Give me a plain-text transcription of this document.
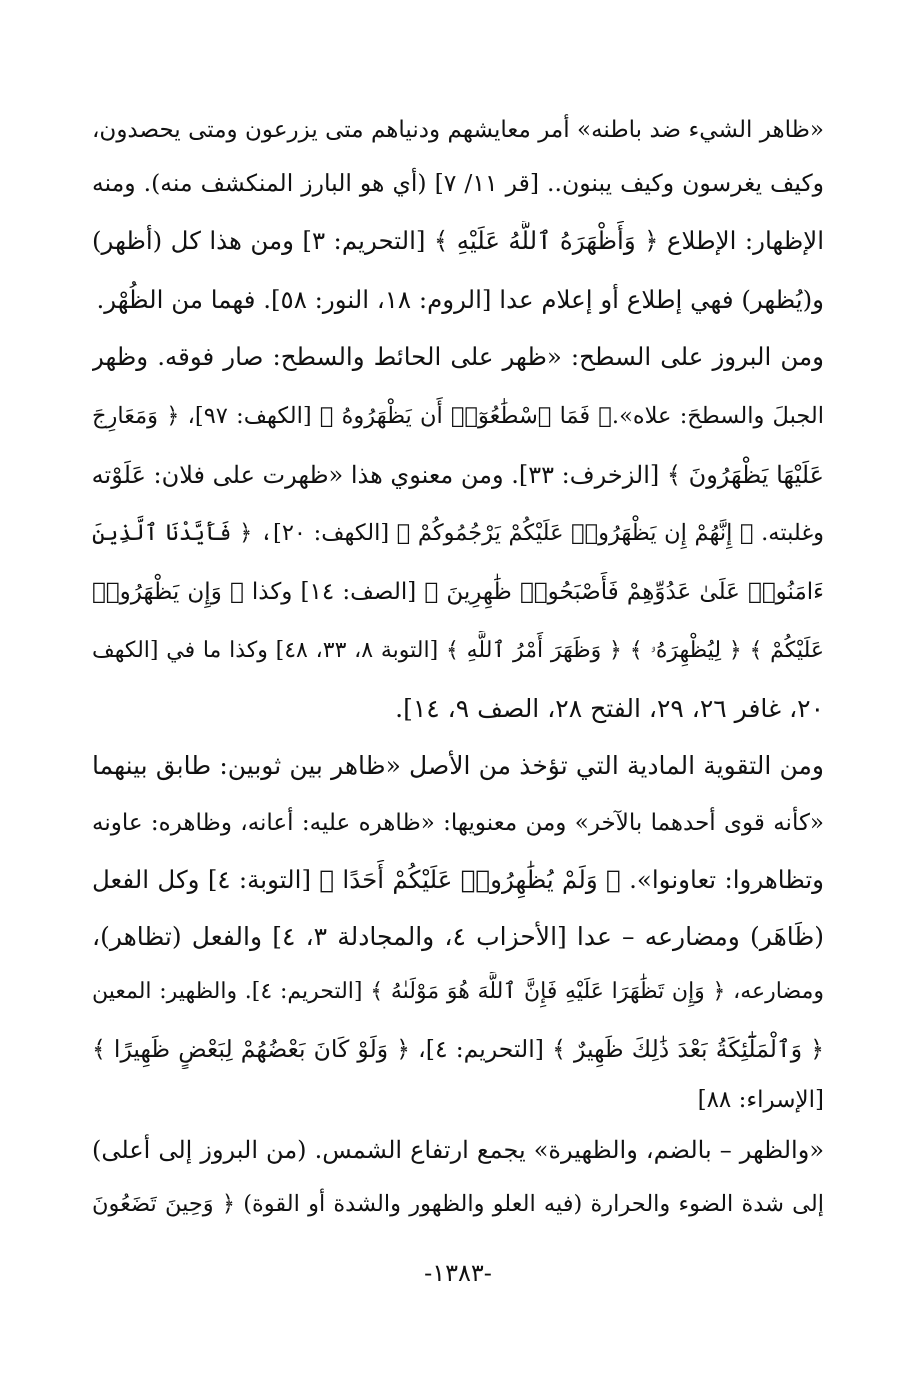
«ظاهر الشيء ضد باطنه» أمر معايشهم ودنياهم متى يزرعون ومتى يحصدون،
وكيف يغرسون وكيف يبنون.. [قر ١١/ ٧] (أي هو البارز المنكشف منه). ومنه
الإظهار: الإطلاع ﴿ وَأَظْهَرَهُ ٱللَّهُ عَلَيْهِ ﴾ [التحريم: ٣] ومن هذا كل (أظهر)
و(يُظهر) فهي إطلاع أو إعلام عدا [الروم: ١٨، النور: ٥٨]. فهما من الظُهْر.
ومن البروز على السطح: «ظهر على الحائط والسطح: صار فوقه. وظهر
الجبلَ والسطحَ: علاه».﴿ فَمَا ٱسْطَٰعُوٓا۟ أَن يَظْهَرُوهُ ﴾ [الكهف: ٩٧]، ﴿ وَمَعَارِجَ
عَلَيْهَا يَظْهَرُونَ ﴾ [الزخرف: ٣٣]. ومن معنوي هذا «ظهرت على فلان: عَلَوْته
وغلبته. ﴿ إِنَّهُمْ إِن يَظْهَرُوا۟ عَلَيْكُمْ يَرْجُمُوكُمْ ﴾ [الكهف: ٢٠]، ﴿ فَأَيَّدْنَا ٱلَّذِينَ
ءَامَنُوا۟ عَلَىٰ عَدُوِّهِمْ فَأَصْبَحُوا۟ ظَٰهِرِينَ ﴾ [الصف: ١٤] وكذا ﴿ وَإِن يَظْهَرُوا۟
عَلَيْكُمْ ﴾ ﴿ لِيُظْهِرَهُۥ ﴾ ﴿ وَظَهَرَ أَمْرُ ٱللَّهِ ﴾ [التوبة ٨، ٣٣، ٤٨] وكذا ما في [الكهف
٢٠، غافر ٢٦، ٢٩، الفتح ٢٨، الصف ٩، ١٤].
ومن التقوية المادية التي تؤخذ من الأصل «ظاهر بين ثوبين: طابق بينهما
«كأنه قوى أحدهما بالآخر» ومن معنويها: «ظاهره عليه: أعانه، وظاهره: عاونه
وتظاهروا: تعاونوا». ﴿ وَلَمْ يُظَٰهِرُوا۟ عَلَيْكُمْ أَحَدًا ﴾ [التوبة: ٤] وكل الفعل
(ظَاهَر) ومضارعه – عدا [الأحزاب ٤، والمجادلة ٣، ٤] والفعل (تظاهر)،
ومضارعه، ﴿ وَإِن تَظَٰهَرَا عَلَيْهِ فَإِنَّ ٱللَّهَ هُوَ مَوْلَىٰهُ ﴾ [التحريم: ٤]. والظهير: المعين
﴿ وَٱلْمَلَٰٓئِكَةُ بَعْدَ ذَٰلِكَ ظَهِيرٌ ﴾ [التحريم: ٤]، ﴿ وَلَوْ كَانَ بَعْضُهُمْ لِبَعْضٍ ظَهِيرًا ﴾
[الإسراء: ٨٨]
«والظهر – بالضم، والظهيرة» يجمع ارتفاع الشمس. (من البروز إلى أعلى)
إلى شدة الضوء والحرارة (فيه العلو والظهور والشدة أو القوة) ﴿ وَحِينَ تَضَعُونَ
-١٣٨٣-
